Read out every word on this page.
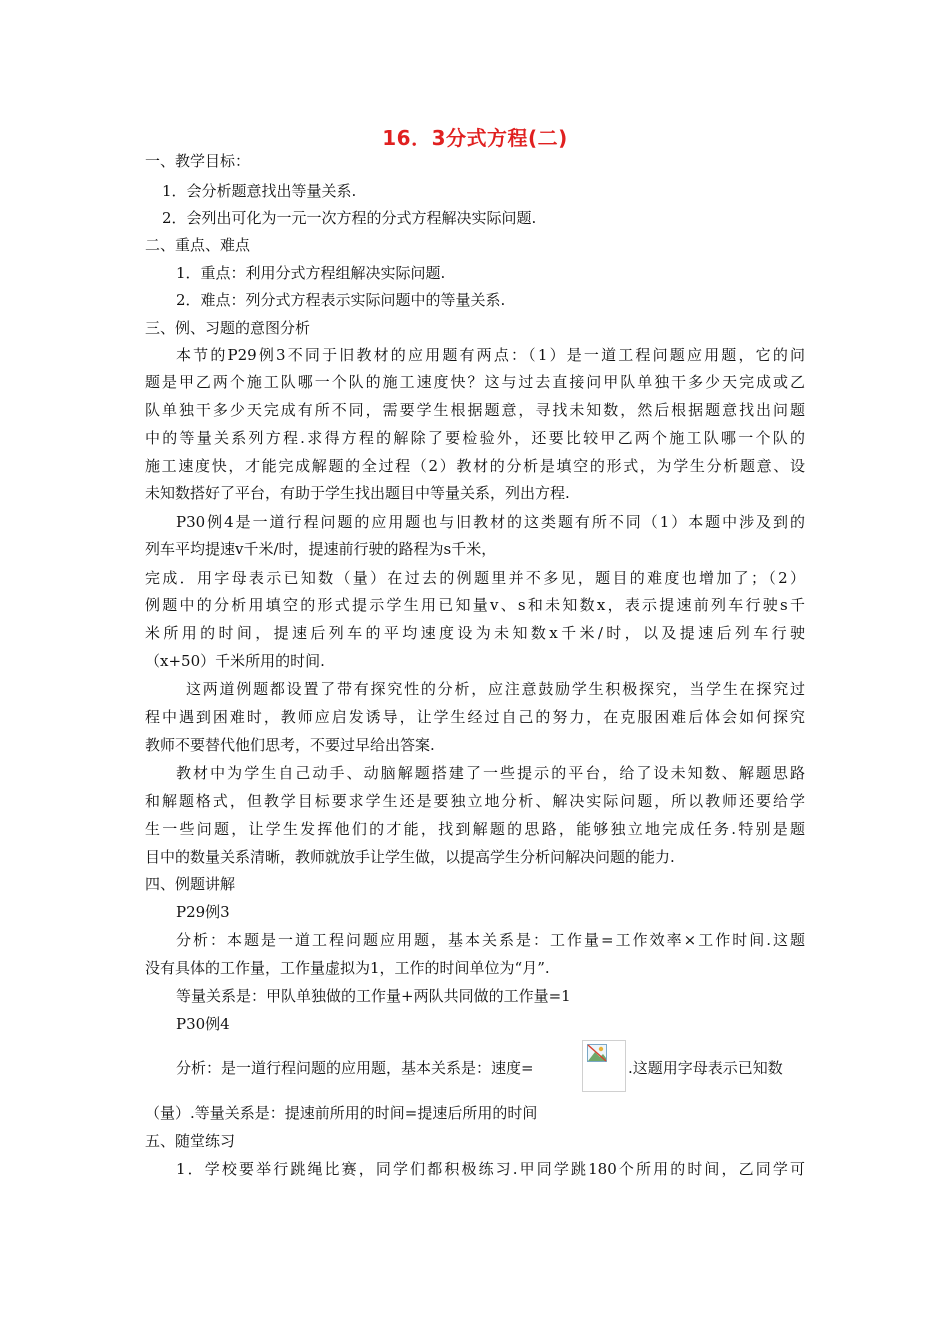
16．3分式方程(二)
一、教学目标：
1．会分析题意找出等量关系.
2．会列出可化为一元一次方程的分式方程解决实际问题.
二、重点、难点
1．重点：利用分式方程组解决实际问题.
2．难点：列分式方程表示实际问题中的等量关系.
三、例、习题的意图分析
本节的P29例3不同于旧教材的应用题有两点：（1）是一道工程问题应用题，它的问
题是甲乙两个施工队哪一个队的施工速度快？这与过去直接问甲队单独干多少天完成或乙
队单独干多少天完成有所不同，需要学生根据题意，寻找未知数，然后根据题意找出问题
中的等量关系列方程.求得方程的解除了要检验外，还要比较甲乙两个施工队哪一个队的
施工速度快，才能完成解题的全过程（2）教材的分析是填空的形式，为学生分析题意、设
未知数搭好了平台，有助于学生找出题目中等量关系，列出方程.
P30例4是一道行程问题的应用题也与旧教材的这类题有所不同（1）本题中涉及到的
列车平均提速v千米/时，提速前行驶的路程为s千米，
完成．用字母表示已知数（量）在过去的例题里并不多见，题目的难度也增加了；（2）
例题中的分析用填空的形式提示学生用已知量v、s和未知数x，表示提速前列车行驶s千
米所用的时间，提速后列车的平均速度设为未知数x千米/时，以及提速后列车行驶
（x+50）千米所用的时间.
这两道例题都设置了带有探究性的分析，应注意鼓励学生积极探究，当学生在探究过
程中遇到困难时，教师应启发诱导，让学生经过自己的努力，在克服困难后体会如何探究
教师不要替代他们思考，不要过早给出答案.
教材中为学生自己动手、动脑解题搭建了一些提示的平台，给了设未知数、解题思路
和解题格式，但教学目标要求学生还是要独立地分析、解决实际问题，所以教师还要给学
生一些问题，让学生发挥他们的才能，找到解题的思路，能够独立地完成任务.特别是题
目中的数量关系清晰，教师就放手让学生做，以提高学生分析问解决问题的能力.
四、例题讲解
P29例3
分析：本题是一道工程问题应用题，基本关系是：工作量=工作效率×工作时间.这题
没有具体的工作量，工作量虚拟为1，工作的时间单位为“月”.
等量关系是：甲队单独做的工作量+两队共同做的工作量=1
P30例4
分析：是一道行程问题的应用题，基本关系是：速度=	.这题用字母表示已知数
（量）.等量关系是：提速前所用的时间=提速后所用的时间
五、随堂练习
1．学校要举行跳绳比赛，同学们都积极练习.甲同学跳180个所用的时间，乙同学可
